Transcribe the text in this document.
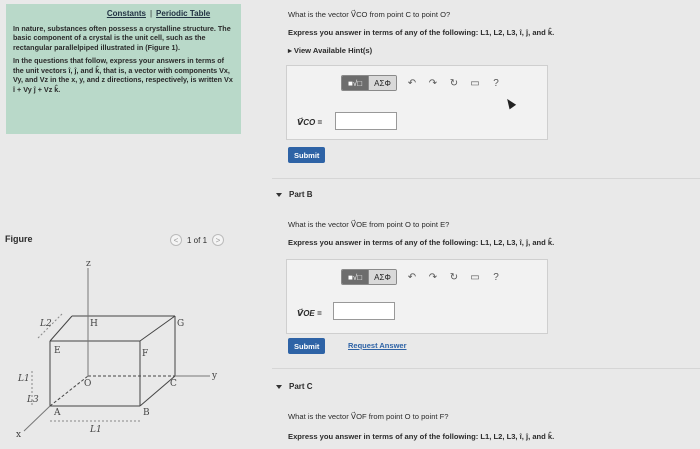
Constants | Periodic Table

In nature, substances often possess a crystalline structure. The basic component of a crystal is the unit cell, such as the rectangular parallelpiped illustrated in (Figure 1).

In the questions that follow, express your answers in terms of the unit vectors î, ĵ, and k̂, that is, a vector with components Vx, Vy, and Vz in the x, y, and z directions, respectively, is written Vx î + Vy ĵ + Vz k̂.

Figure	<	1 of 1	>
z
y
x
H	G
E	F
O	C
A	B
L1
L1
L2
L3
What is the vector V⃗CO from point C to point O?
Express you answer in terms of any of the following: L1, L2, L3, î, ĵ, and k̂.
▸ View Available Hint(s)
■√□	ΑΣΦ	↶ ↷ ↻ ▭	?
V⃗CO =
Submit
Part B
What is the vector V⃗OE from point O to point E?
Express you answer in terms of any of the following: L1, L2, L3, î, ĵ, and k̂.
■√□	ΑΣΦ	↶ ↷ ↻ ▭	?
V⃗OE =
Submit	Request Answer
Part C
What is the vector V⃗OF from point O to point F?
Express you answer in terms of any of the following: L1, L2, L3, î, ĵ, and k̂.
